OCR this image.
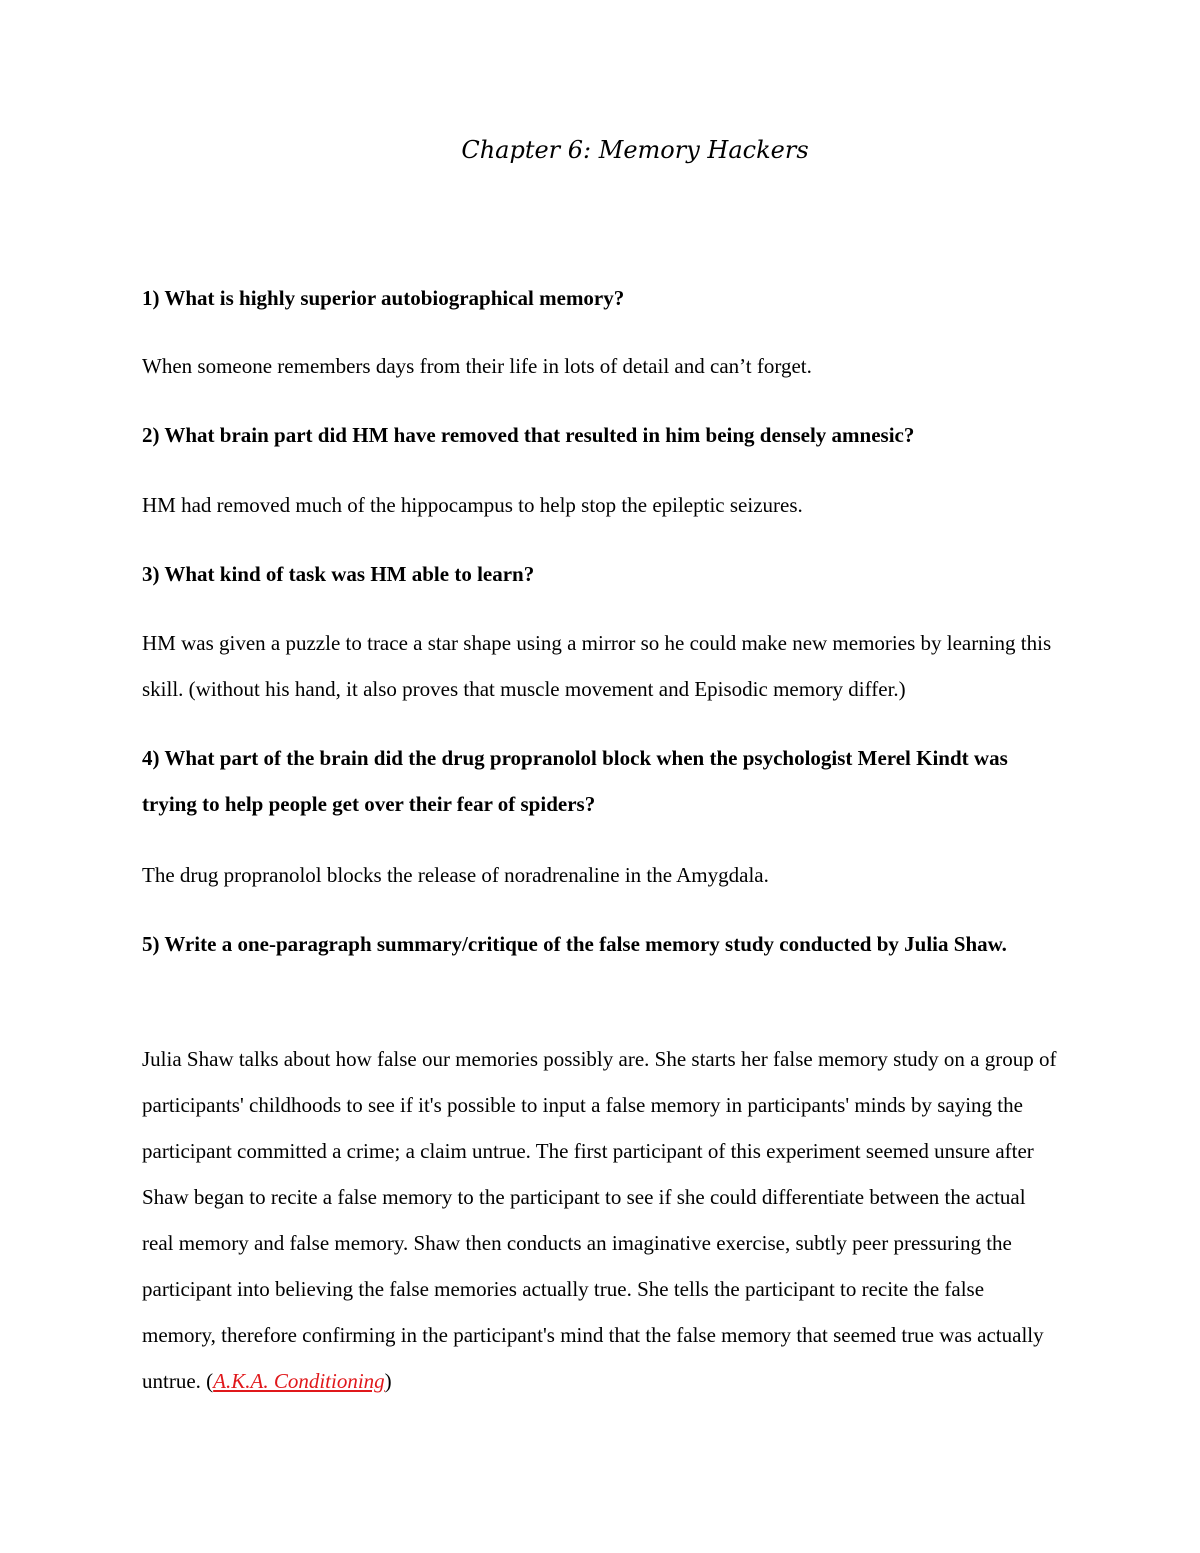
Chapter 6: Memory Hackers

1) What is highly superior autobiographical memory?

When someone remembers days from their life in lots of detail and can’t forget.

2) What brain part did HM have removed that resulted in him being densely amnesic?

HM had removed much of the hippocampus to help stop the epileptic seizures.

3) What kind of task was HM able to learn?

HM was given a puzzle to trace a star shape using a mirror so he could make new memories by learning this skill. (without his hand, it also proves that muscle movement and Episodic memory differ.)

4) What part of the brain did the drug propranolol block when the psychologist Merel Kindt was trying to help people get over their fear of spiders?

The drug propranolol blocks the release of noradrenaline in the Amygdala.

5) Write a one-paragraph summary/critique of the false memory study conducted by Julia Shaw.

Julia Shaw talks about how false our memories possibly are. She starts her false memory study on a group of participants' childhoods to see if it's possible to input a false memory in participants' minds by saying the participant committed a crime; a claim untrue. The first participant of this experiment seemed unsure after Shaw began to recite a false memory to the participant to see if she could differentiate between the actual real memory and false memory. Shaw then conducts an imaginative exercise, subtly peer pressuring the participant into believing the false memories actually true. She tells the participant to recite the false memory, therefore confirming in the participant's mind that the false memory that seemed true was actually untrue. (A.K.A. Conditioning)
